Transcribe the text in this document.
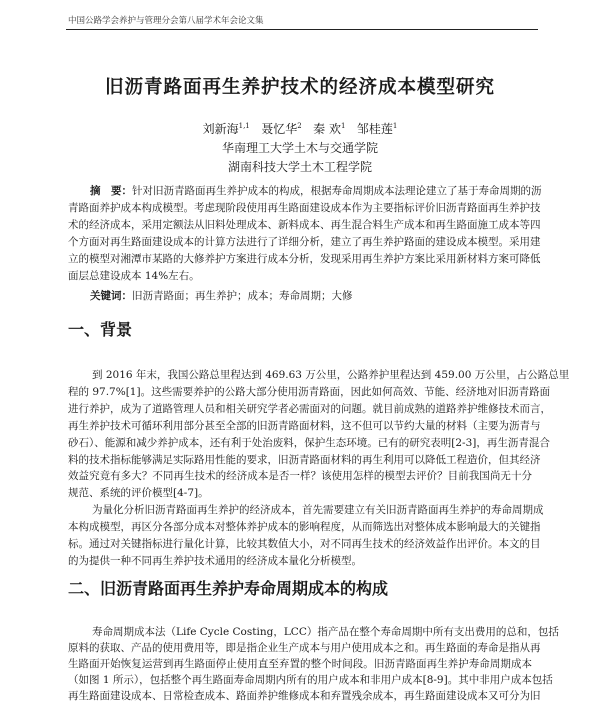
中国公路学会养护与管理分会第八届学术年会论文集
旧沥青路面再生养护技术的经济成本模型研究
刘新海$^{1,1}$ 聂忆华$^2$ 秦 欢$^1$ 邹桂莲$^1$
华南理工大学土木与交通学院
湖南科技大学土木工程学院
摘　要：针对旧沥青路面再生养护成本的构成，根据寿命周期成本法理论建立了基于寿命周期的沥
青路面养护成本构成模型。考虑现阶段使用再生路面建设成本作为主要指标评价旧沥青路面再生养护技
术的经济成本，采用定额法从旧料处理成本、新料成本、再生混合料生产成本和再生路面施工成本等四
个方面对再生路面建设成本的计算方法进行了详细分析，建立了再生养护路面的建设成本模型。采用建
立的模型对湘潭市某路的大修养护方案进行成本分析，发现采用再生养护方案比采用新材料方案可降低
面层总建设成本 14%左右。
关键词：旧沥青路面；再生养护；成本；寿命周期；大修
一、背景
到 2016 年末，我国公路总里程达到 469.63 万公里，公路养护里程达到 459.00 万公里，占公路总里
程的 97.7%[1]。这些需要养护的公路大部分使用沥青路面，因此如何高效、节能、经济地对旧沥青路面
进行养护，成为了道路管理人员和相关研究学者必需面对的问题。就目前成熟的道路养护维修技术而言，
再生养护技术可循环利用部分甚至全部的旧沥青路面材料，这不但可以节约大量的材料（主要为沥青与
砂石）、能源和减少养护成本，还有利于处治废料，保护生态环境。已有的研究表明[2-3]，再生沥青混合
料的技术指标能够满足实际路用性能的要求，旧沥青路面材料的再生利用可以降低工程造价，但其经济
效益究竟有多大？不同再生技术的经济成本是否一样？该使用怎样的模型去评价？目前我国尚无十分
规范、系统的评价模型[4-7]。
为量化分析旧沥青路面再生养护的经济成本，首先需要建立有关旧沥青路面再生养护的寿命周期成
本构成模型，再区分各部分成本对整体养护成本的影响程度，从而筛选出对整体成本影响最大的关键指
标。通过对关键指标进行量化计算，比较其数值大小，对不同再生技术的经济效益作出评价。本文的目
的为提供一种不同再生养护技术通用的经济成本量化分析模型。
二、旧沥青路面再生养护寿命周期成本的构成
寿命周期成本法（Life Cycle Costing，LCC）指产品在整个寿命周期中所有支出费用的总和，包括
原料的获取、产品的使用费用等，即是指企业生产成本与用户使用成本之和。再生路面的寿命是指从再
生路面开始恢复运营到再生路面停止使用直至弃置的整个时间段。旧沥青路面再生养护寿命周期成本
（如图 1 所示），包括整个再生路面寿命周期内所有的用户成本和非用户成本[8-9]。其中非用户成本包括
再生路面建设成本、日常检查成本、路面养护维修成本和弃置残余成本，再生路面建设成本又可分为旧
